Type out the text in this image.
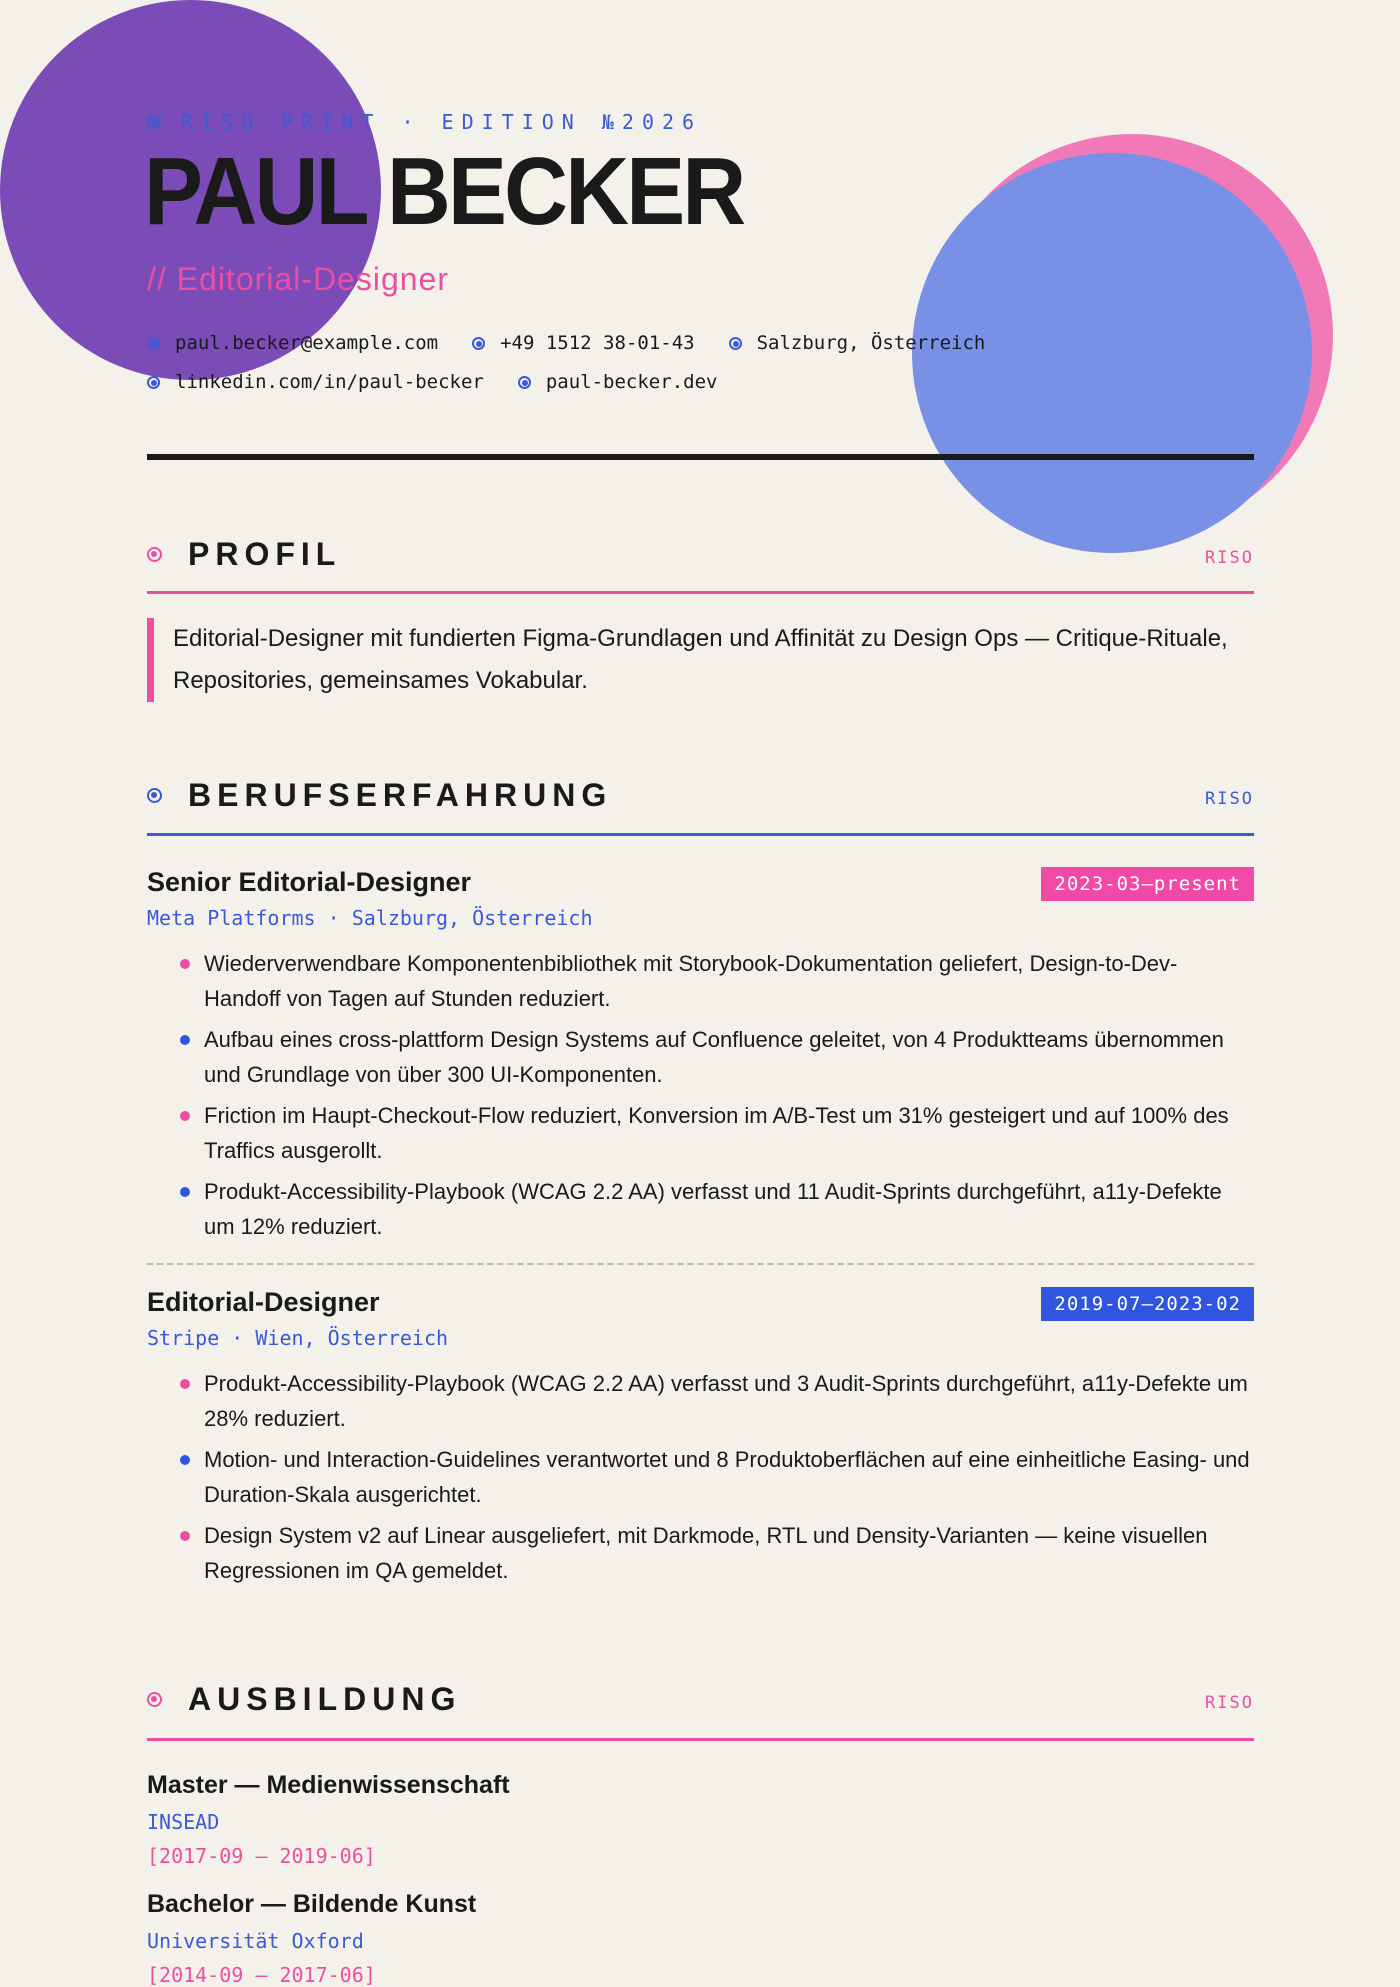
RISO PRINT · EDITION №2026
PAUL BECKER
// Editorial-Designer
paul.becker@example.com	+49 1512 38-01-43	Salzburg, Österreich
linkedin.com/in/paul-becker	paul-becker.dev
PROFIL	RISO
Editorial-Designer mit fundierten Figma-Grundlagen und Affinität zu Design Ops — Critique-Rituale, Repositories, gemeinsames Vokabular.
BERUFSERFAHRUNG	RISO
Senior Editorial-Designer	2023-03–present
Meta Platforms · Salzburg, Österreich
Wiederverwendbare Komponentenbibliothek mit Storybook-Dokumentation geliefert, Design-to-Dev-Handoff von Tagen auf Stunden reduziert.
Aufbau eines cross-plattform Design Systems auf Confluence geleitet, von 4 Produktteams übernommen und Grundlage von über 300 UI-Komponenten.
Friction im Haupt-Checkout-Flow reduziert, Konversion im A/B-Test um 31% gesteigert und auf 100% des Traffics ausgerollt.
Produkt-Accessibility-Playbook (WCAG 2.2 AA) verfasst und 11 Audit-Sprints durchgeführt, a11y-Defekte um 12% reduziert.
Editorial-Designer	2019-07–2023-02
Stripe · Wien, Österreich
Produkt-Accessibility-Playbook (WCAG 2.2 AA) verfasst und 3 Audit-Sprints durchgeführt, a11y-Defekte um 28% reduziert.
Motion- und Interaction-Guidelines verantwortet und 8 Produktoberflächen auf eine einheitliche Easing- und Duration-Skala ausgerichtet.
Design System v2 auf Linear ausgeliefert, mit Darkmode, RTL und Density-Varianten — keine visuellen Regressionen im QA gemeldet.
AUSBILDUNG	RISO
Master — Medienwissenschaft
INSEAD
[2017-09 – 2019-06]
Bachelor — Bildende Kunst
Universität Oxford
[2014-09 – 2017-06]
